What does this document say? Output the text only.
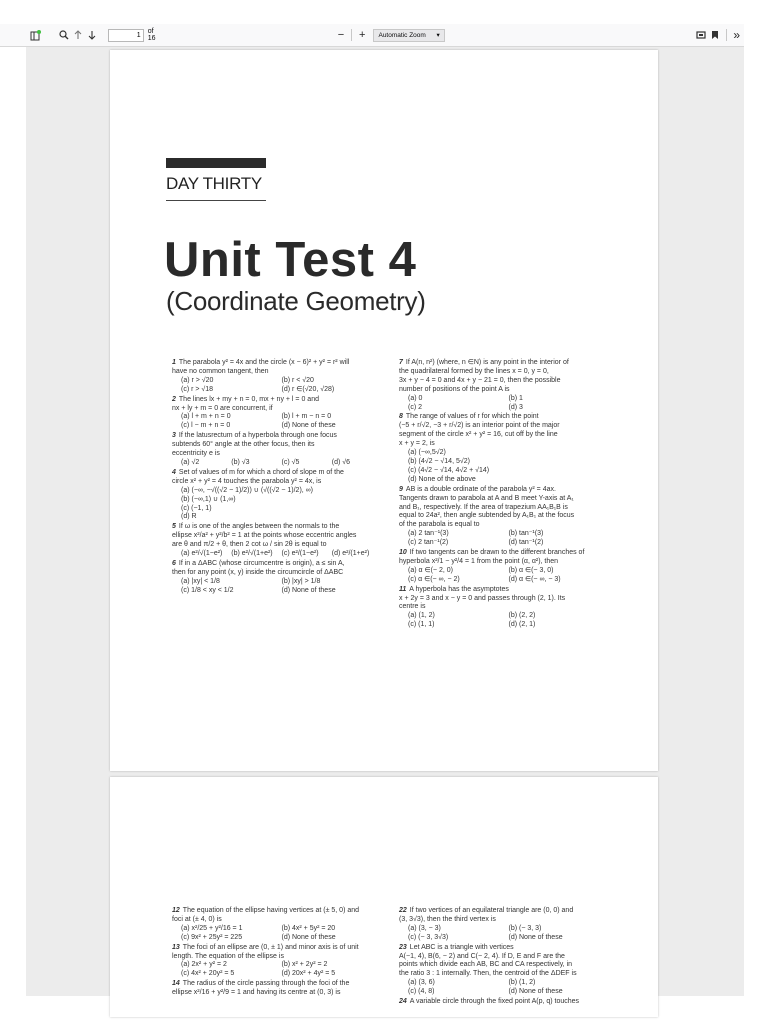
1
of 16	−	+	Automatic Zoom ▾	»
DAY THIRTY
Unit Test 4
(Coordinate Geometry)
1 The parabola y² = 4x and the circle (x − 6)² + y² = r² will
have no common tangent, then
(a) r > √20	(b) r < √20
(c) r > √18	(d) r ∈(√20, √28)
2 The lines lx + my + n = 0, mx + ny + l = 0 and
nx + ly + m = 0 are concurrent, if
(a) l + m + n = 0	(b) l + m − n = 0
(c) l − m + n = 0	(d) None of these
3 If the latusrectum of a hyperbola through one focus
subtends 60° angle at the other focus, then its
eccentricity e is
(a) √2	(b) √3	(c) √5	(d) √6
4 Set of values of m for which a chord of slope m of the
circle x² + y² = 4 touches the parabola y² = 4x, is
(a) (−∞, −√((√2 − 1)/2)) ∪ (√((√2 − 1)/2), ∞)
(b) (−∞,1) ∪ (1,∞)
(c) (−1, 1)
(d) R
5 If ω is one of the angles between the normals to the
ellipse x²/a² + y²/b² = 1 at the points whose eccentric angles
are θ and π/2 + θ, then 2 cot ω / sin 2θ is equal to
(a) e²/√(1−e²)	(b) e²/√(1+e²)	(c) e²/(1−e²)	(d) e²/(1+e²)
6 If in a ΔABC (whose circumcentre is origin), a ≤ sin A,
then for any point (x, y) inside the circumcircle of ΔABC
(a) |xy| < 1/8	(b) |xy| > 1/8
(c) 1/8 < xy < 1/2	(d) None of these
7 If A(n, n²) (where, n ∈N) is any point in the interior of
the quadrilateral formed by the lines x = 0, y = 0,
3x + y − 4 = 0 and 4x + y − 21 = 0, then the possible
number of positions of the point A is
(a) 0	(b) 1
(c) 2	(d) 3
8 The range of values of r for which the point
(−5 + r/√2, −3 + r/√2) is an interior point of the major
segment of the circle x² + y² = 16, cut off by the line
x + y = 2, is
(a) (−∞,5√2)
(b) (4√2 − √14, 5√2)
(c) (4√2 − √14, 4√2 + √14)
(d) None of the above
9 AB is a double ordinate of the parabola y² = 4ax.
Tangents drawn to parabola at A and B meet Y-axis at A₁
and B₁, respectively. If the area of trapezium AA₁B₁B is
equal to 24a², then angle subtended by A₁B₁ at the focus
of the parabola is equal to
(a) 2 tan⁻¹(3)	(b) tan⁻¹(3)
(c) 2 tan⁻¹(2)	(d) tan⁻¹(2)
10 If two tangents can be drawn to the different branches of
hyperbola x²/1 − y²/4 = 1 from the point (α, α²), then
(a) α ∈(− 2, 0)	(b) α ∈(− 3, 0)
(c) α ∈(− ∞, − 2)	(d) α ∈(− ∞, − 3)
11 A hyperbola has the asymptotes
x + 2y = 3 and x − y = 0 and passes through (2, 1). Its
centre is
(a) (1, 2)	(b) (2, 2)
(c) (1, 1)	(d) (2, 1)
12 The equation of the ellipse having vertices at (± 5, 0) and
foci at (± 4, 0) is
(a) x²/25 + y²/16 = 1	(b) 4x² + 5y² = 20
(c) 9x² + 25y² = 225	(d) None of these
13 The foci of an ellipse are (0, ± 1) and minor axis is of unit
length. The equation of the ellipse is
(a) 2x² + y² = 2	(b) x² + 2y² = 2
(c) 4x² + 20y² = 5	(d) 20x² + 4y² = 5
14 The radius of the circle passing through the foci of the
ellipse x²/16 + y²/9 = 1 and having its centre at (0, 3) is
22 If two vertices of an equilateral triangle are (0, 0) and
(3, 3√3), then the third vertex is
(a) (3, − 3)	(b) (− 3, 3)
(c) (− 3, 3√3)	(d) None of these
23 Let ABC is a triangle with vertices
A(−1, 4), B(6, − 2) and C(− 2, 4). If D, E and F are the
points which divide each AB, BC and CA respectively, in
the ratio 3 : 1 internally. Then, the centroid of the ΔDEF is
(a) (3, 6)	(b) (1, 2)
(c) (4, 8)	(d) None of these
24 A variable circle through the fixed point A(p, q) touches
